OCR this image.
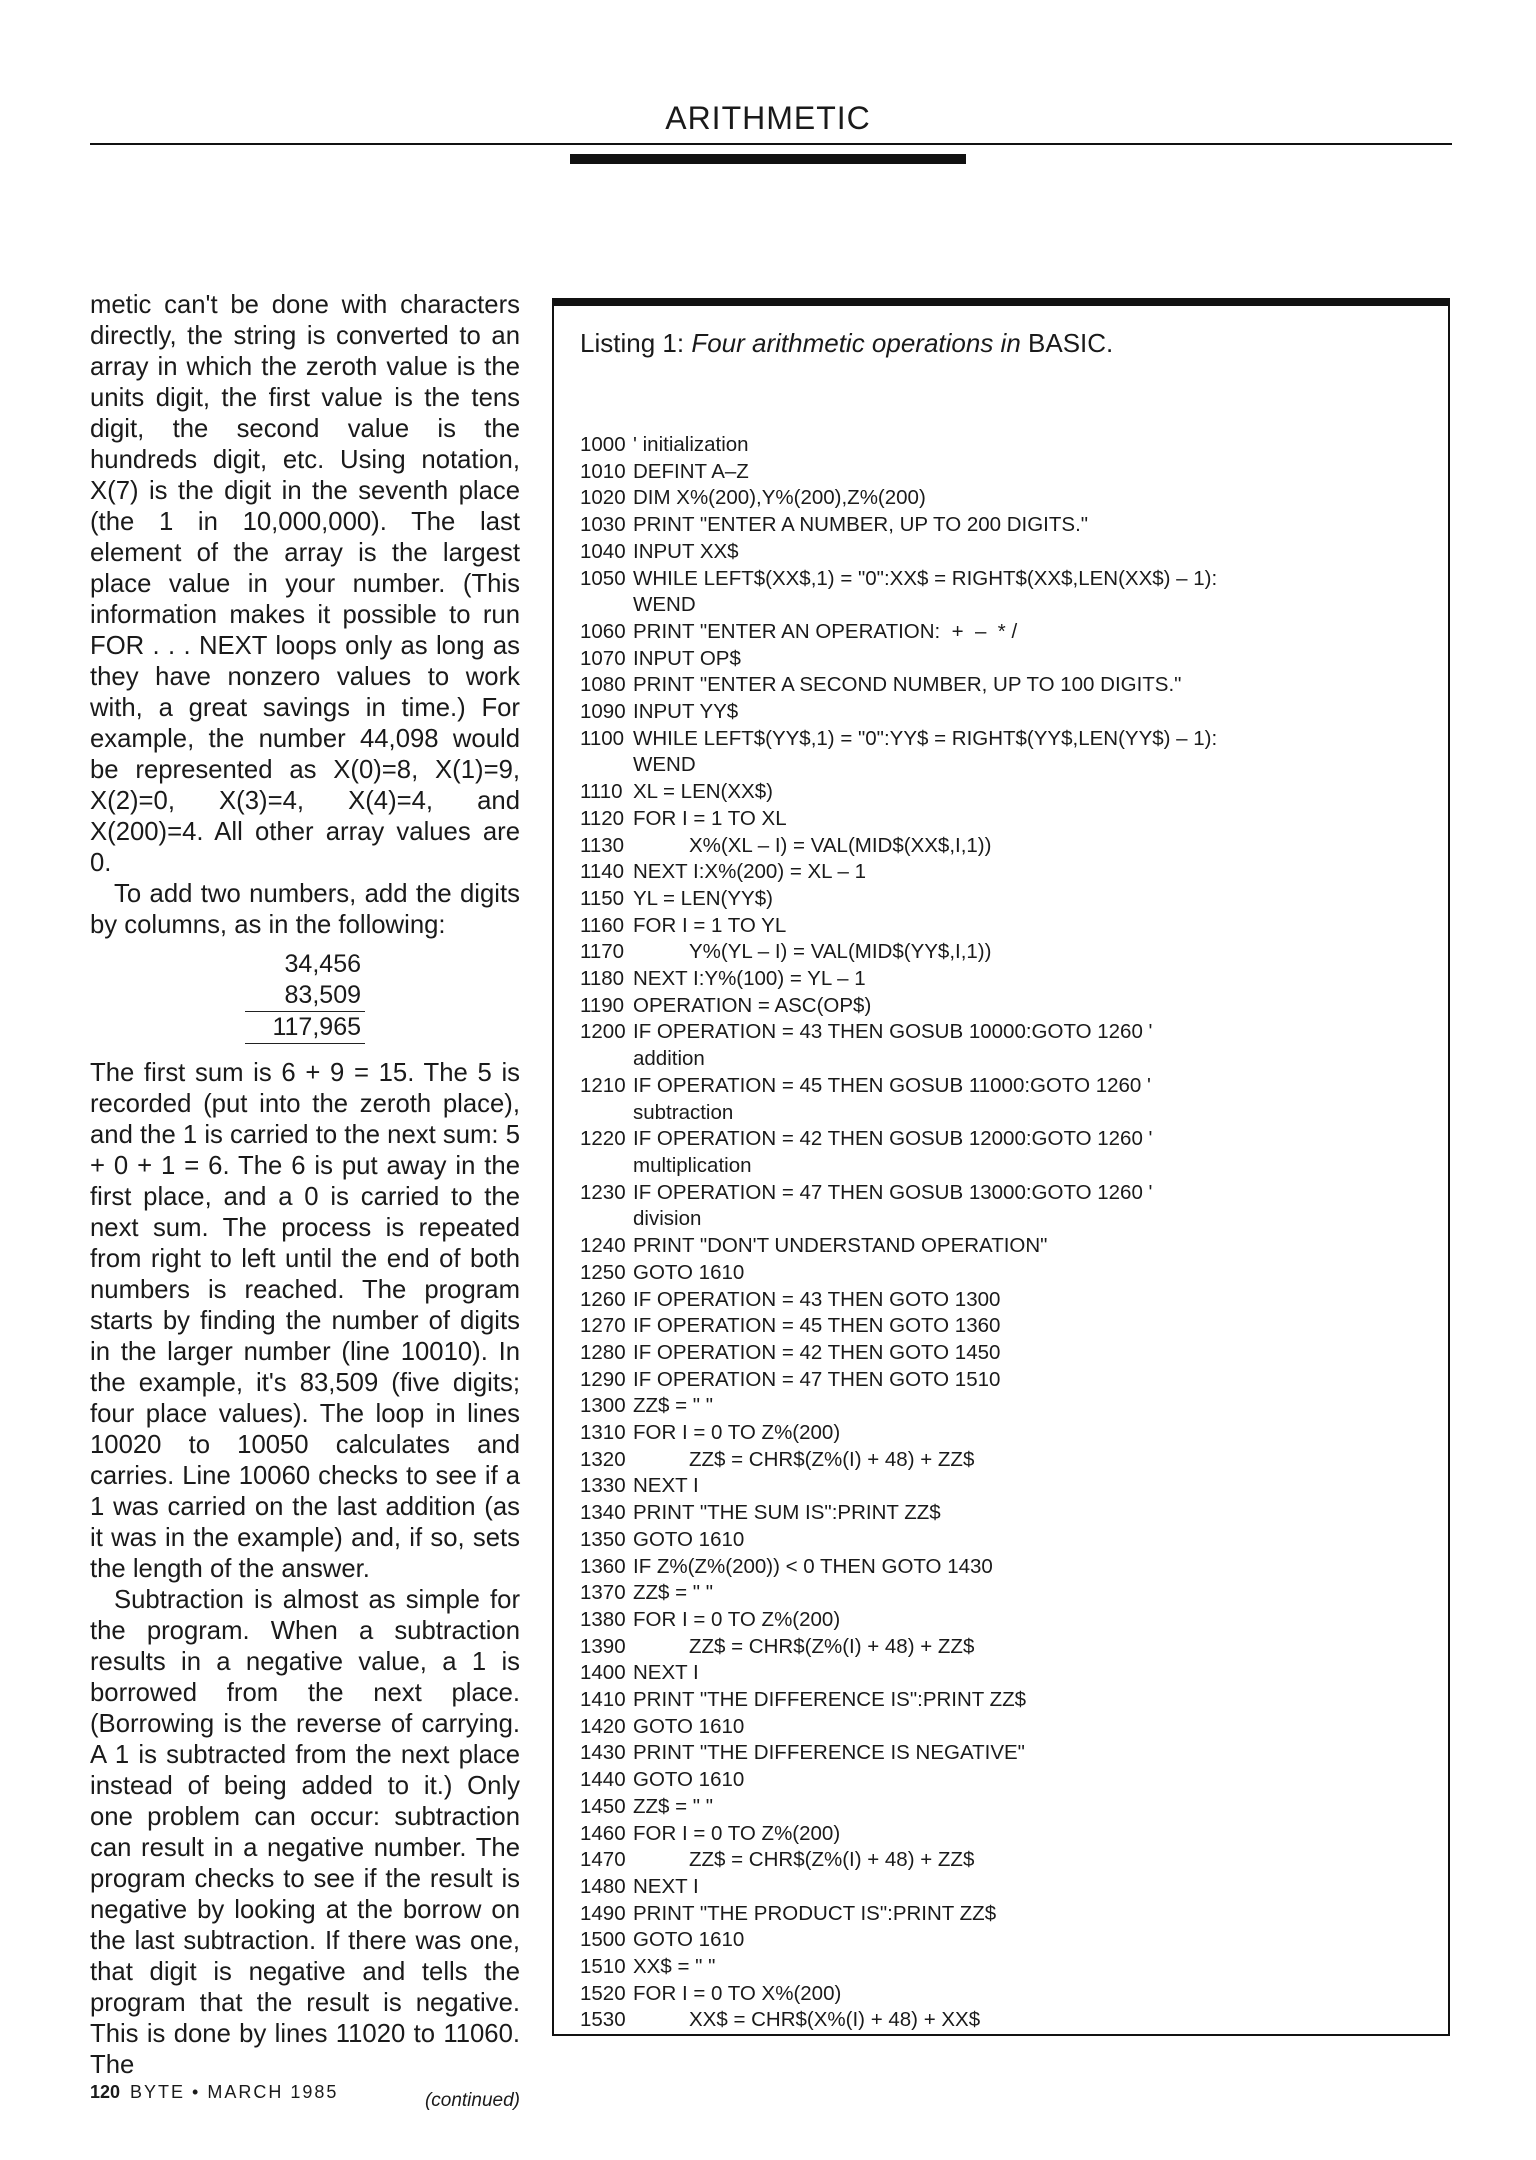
ARITHMETIC

metic can't be done with characters directly, the string is converted to an array in which the zeroth value is the units digit, the first value is the tens digit, the second value is the hundreds digit, etc. Using notation, X(7) is the digit in the seventh place (the 1 in 10,000,000). The last element of the array is the largest place value in your number. (This information makes it possible to run FOR . . . NEXT loops only as long as they have nonzero values to work with, a great savings in time.) For example, the number 44,098 would be represented as X(0)=8, X(1)=9, X(2)=0, X(3)=4, X(4)=4, and X(200)=4. All other array values are 0.

To add two numbers, add the digits by columns, as in the following:

34,456
83,509
117,965

The first sum is 6 + 9 = 15. The 5 is recorded (put into the zeroth place), and the 1 is carried to the next sum: 5 + 0 + 1 = 6. The 6 is put away in the first place, and a 0 is carried to the next sum. The process is repeated from right to left until the end of both numbers is reached. The program starts by finding the number of digits in the larger number (line 10010). In the example, it's 83,509 (five digits; four place values). The loop in lines 10020 to 10050 calculates and carries. Line 10060 checks to see if a 1 was carried on the last addition (as it was in the example) and, if so, sets the length of the answer.

Subtraction is almost as simple for the program. When a subtraction results in a negative value, a 1 is borrowed from the next place. (Borrowing is the reverse of carrying. A 1 is subtracted from the next place instead of being added to it.) Only one problem can occur: subtraction can result in a negative number. The program checks to see if the result is negative by looking at the borrow on the last subtraction. If there was one, that digit is negative and tells the program that the result is negative. This is done by lines 11020 to 11060. The

(continued)
Listing 1: Four arithmetic operations in BASIC.
1000 ' initialization
1010 DEFINT A–Z
1020 DIM X%(200),Y%(200),Z%(200)
1030 PRINT "ENTER A NUMBER, UP TO 200 DIGITS."
1040 INPUT XX$
1050 WHILE LEFT$(XX$,1) = "0":XX$ = RIGHT$(XX$,LEN(XX$) – 1):
WEND
1060 PRINT "ENTER AN OPERATION:  +  –  * /
1070 INPUT OP$
1080 PRINT "ENTER A SECOND NUMBER, UP TO 100 DIGITS."
1090 INPUT YY$
1100 WHILE LEFT$(YY$,1) = "0":YY$ = RIGHT$(YY$,LEN(YY$) – 1):
WEND
1110 XL = LEN(XX$)
1120 FOR I = 1 TO XL
1130	X%(XL – I) = VAL(MID$(XX$,I,1))
1140 NEXT I:X%(200) = XL – 1
1150 YL = LEN(YY$)
1160 FOR I = 1 TO YL
1170	Y%(YL – I) = VAL(MID$(YY$,I,1))
1180 NEXT I:Y%(100) = YL – 1
1190 OPERATION = ASC(OP$)
1200 IF OPERATION = 43 THEN GOSUB 10000:GOTO 1260 '
addition
1210 IF OPERATION = 45 THEN GOSUB 11000:GOTO 1260 '
subtraction
1220 IF OPERATION = 42 THEN GOSUB 12000:GOTO 1260 '
multiplication
1230 IF OPERATION = 47 THEN GOSUB 13000:GOTO 1260 '
division
1240 PRINT "DON'T UNDERSTAND OPERATION"
1250 GOTO 1610
1260 IF OPERATION = 43 THEN GOTO 1300
1270 IF OPERATION = 45 THEN GOTO 1360
1280 IF OPERATION = 42 THEN GOTO 1450
1290 IF OPERATION = 47 THEN GOTO 1510
1300 ZZ$ = " "
1310 FOR I = 0 TO Z%(200)
1320	ZZ$ = CHR$(Z%(I) + 48) + ZZ$
1330 NEXT I
1340 PRINT "THE SUM IS":PRINT ZZ$
1350 GOTO 1610
1360 IF Z%(Z%(200)) < 0 THEN GOTO 1430
1370 ZZ$ = " "
1380 FOR I = 0 TO Z%(200)
1390	ZZ$ = CHR$(Z%(I) + 48) + ZZ$
1400 NEXT I
1410 PRINT "THE DIFFERENCE IS":PRINT ZZ$
1420 GOTO 1610
1430 PRINT "THE DIFFERENCE IS NEGATIVE"
1440 GOTO 1610
1450 ZZ$ = " "
1460 FOR I = 0 TO Z%(200)
1470	ZZ$ = CHR$(Z%(I) + 48) + ZZ$
1480 NEXT I
1490 PRINT "THE PRODUCT IS":PRINT ZZ$
1500 GOTO 1610
1510 XX$ = " "
1520 FOR I = 0 TO X%(200)
1530	XX$ = CHR$(X%(I) + 48) + XX$
120 BYTE • MARCH 1985
